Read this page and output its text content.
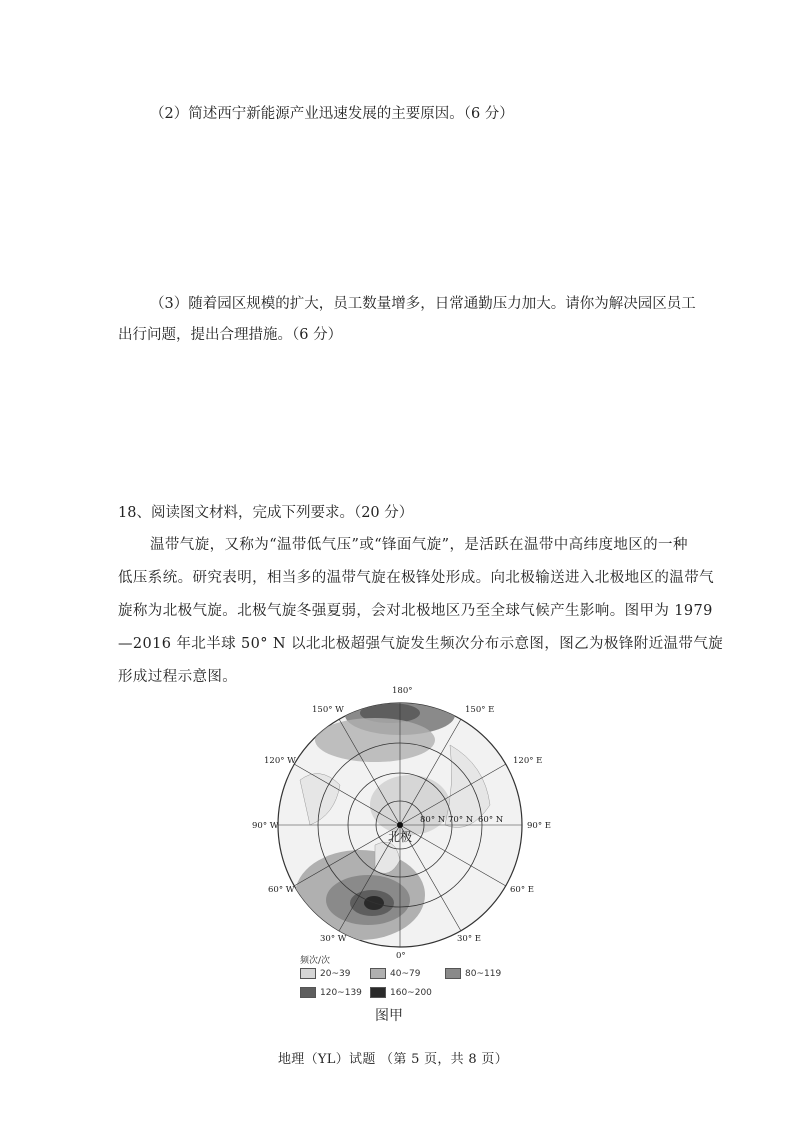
（2）简述西宁新能源产业迅速发展的主要原因。（6 分）
（3）随着园区规模的扩大，员工数量增多，日常通勤压力加大。请你为解决园区员工
出行问题，提出合理措施。（6 分）
18、阅读图文材料，完成下列要求。（20 分）
温带气旋，又称为“温带低气压”或“锋面气旋”，是活跃在温带中高纬度地区的一种
低压系统。研究表明，相当多的温带气旋在极锋处形成。向北极输送进入北极地区的温带气
旋称为北极气旋。北极气旋冬强夏弱，会对北极地区乃至全球气候产生影响。图甲为 1979
—2016 年北半球 50° N 以北北极超强气旋发生频次分布示意图，图乙为极锋附近温带气旋
形成过程示意图。
180°
150° W	150° E
120° W	120° E
90° W	90° E
60° W	60° E
30° W	30° E
0°
80° N 70° N 60° N
北极
频次/次
20~39	40~79	80~119
120~139	160~200
图甲
地理（YL）试题 （第 5 页，共 8 页）
